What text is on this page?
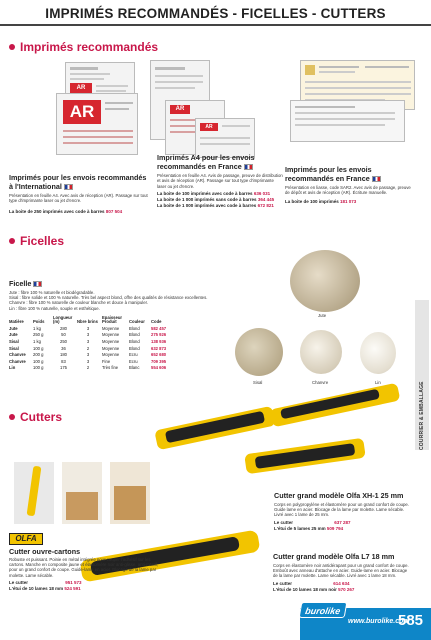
IMPRIMÉS RECOMMANDÉS - FICELLES - CUTTERS
Imprimés recommandés
AR
AR	AR
AR
Imprimés pour les envois recommandés
à l'International
Présentation en feuille A4. Avec avis de réception (AR). Passage sur tout type d'imprimante laser ou jet d'encre.
La boite de 250 imprimés avec code à barres 807 504
Imprimés A4 pour les envois
recommandés en France
Présentation en feuille A4. Avis de passage, preuve de distribution et avis de réception (AR). Passage sur tout type d'imprimante laser ou jet d'encre.
La boite de 100 imprimés avec code à barres 636 031
La boite de 1 000 imprimés sans code à barres 364 445
La boite de 1 000 imprimés avec code à barres 672 821
Imprimés pour les envois
recommandés en France
Présentation en liasse, code SAR2. Avec avis de passage, preuve de dépôt et avis de réception (AR). Écriture manuelle.
La boite de 100 imprimés 181 073
Ficelles
Ficelle
Jute : fibre 100 % naturelle et biodégradable.
Sisal : fibre solide et 100 % naturelle. Très bel aspect blond, offre des qualités de résistance excellentes.
Chanvre : fibre 100 % naturelle de couleur blanche et douce à manipuler.
Lin : fibre 100 % naturelle, souple et esthétique.
Matière	Poids	Longueur (m)	Nbre brins	Epaisseur Produit	Couleur	Code
Jute	1 kg	280	3	Moyenne	Blond	582 457
Jute	250 g	50	3	Moyenne	Blond	275 926
Sisal	1 kg	250	3	Moyenne	Blond	138 936
Sisal	100 g	36	2	Moyenne	Blond	632 873
Chanvre	200 g	180	3	Moyenne	Ecru	652 680
Chanvre	100 g	83	3	Fine	Ecru	709 395
Lin	100 g	175	2	Très fine	Blanc	554 606
Jute
Sisal	Chanvre	Lin	COURRIER & EMBALLAGE
Cutters
Cutter grand modèle Olfa XH-1 25 mm
Corps en polypropylène et élastomère pour un grand confort de coupe. Guide lame en acier. Blocage de la lame par molette. Lame sécable. Livré avec 1 lame de 25 mm.
Le cutter	637 287
L'étui de 5 lames 25 mm 509 794
OLFA
Cutter ouvre-cartons
Robuste et puissant. Poinie en métal intégrée pour couper l'adhésif sur les cartons. Manche en composite jaune et élastomère noir anti-glisse, anti-rotatif, pour un grand confort de coupe. Guide-lame en acier. Blocage de la lame par molette. Lame sécable.
Le cutter	951 573
L'étui de 10 lames 18 mm 524 591
Cutter grand modèle Olfa L7 18 mm
Corps en élastomère noir antidérapant pour un grand confort de coupe. Emboût avec anneau d'attache en acier. Guide-lame en acier. Blocage de la lame par molette. Lame sécable. Livré avec 1 lame 18 mm.
Le cutter	614 634
L'étui de 10 lames 18 mm noir 570 267
burolike
www.burolike.com
585
